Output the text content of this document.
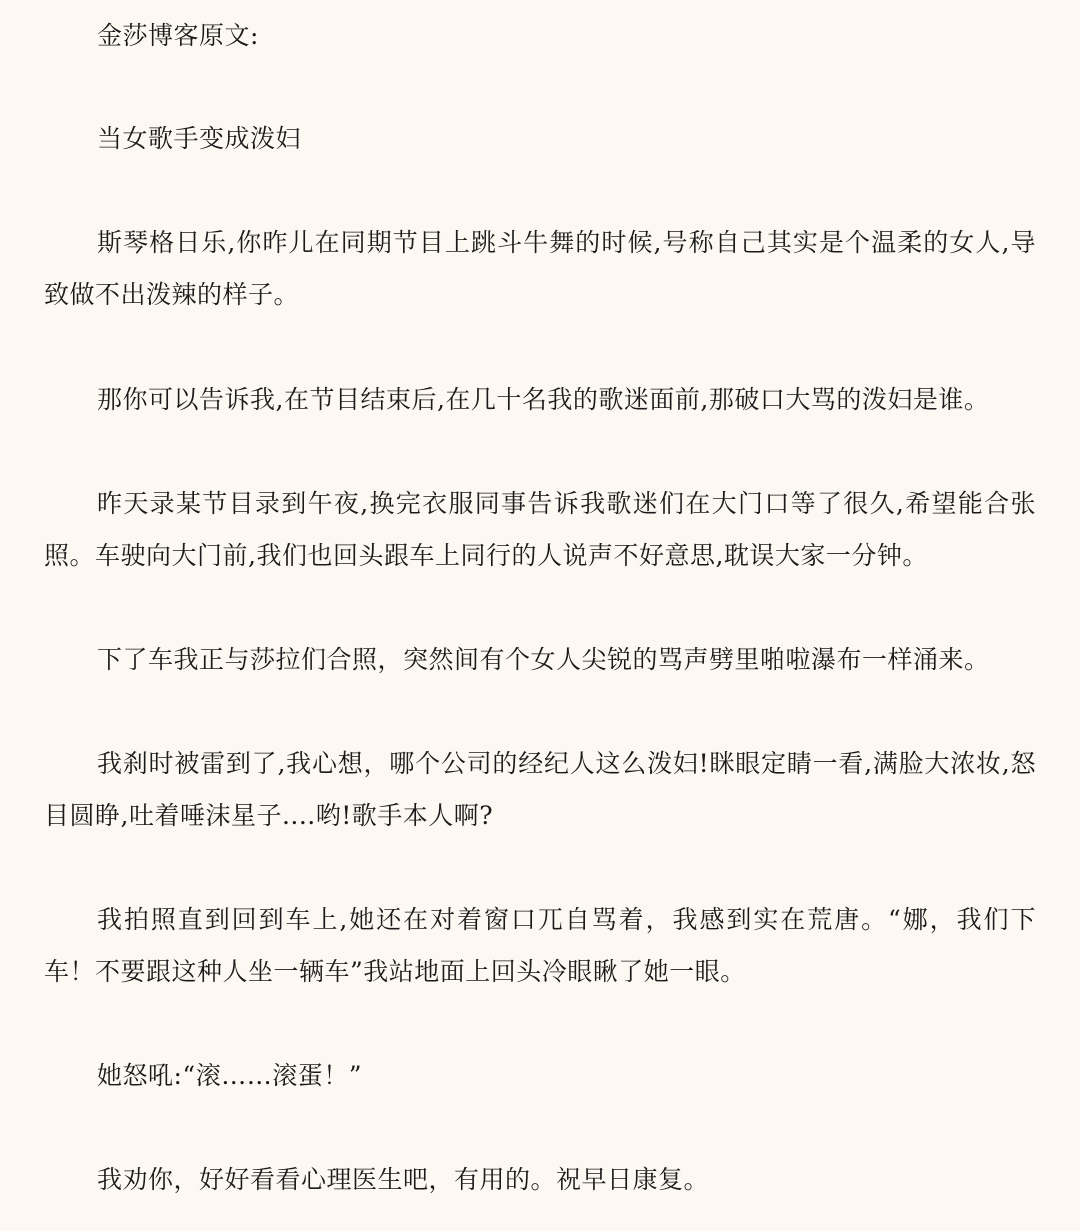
金莎博客原文:

当女歌手变成泼妇

斯琴格日乐,你昨儿在同期节目上跳斗牛舞的时候,号称自己其实是个温柔的女人,导致做不出泼辣的样子。

那你可以告诉我,在节目结束后,在几十名我的歌迷面前,那破口大骂的泼妇是谁。

昨天录某节目录到午夜,换完衣服同事告诉我歌迷们在大门口等了很久,希望能合张照。车驶向大门前,我们也回头跟车上同行的人说声不好意思,耽误大家一分钟。

下了车我正与莎拉们合照，突然间有个女人尖锐的骂声劈里啪啦瀑布一样涌来。

我刹时被雷到了,我心想，哪个公司的经纪人这么泼妇!眯眼定睛一看,满脸大浓妆,怒目圆睁,吐着唾沫星子....哟!歌手本人啊?

我拍照直到回到车上,她还在对着窗口兀自骂着，我感到实在荒唐。“娜，我们下车！不要跟这种人坐一辆车”我站地面上回头冷眼瞅了她一眼。

她怒吼:“滚……滚蛋！”

我劝你，好好看看心理医生吧，有用的。祝早日康复。
